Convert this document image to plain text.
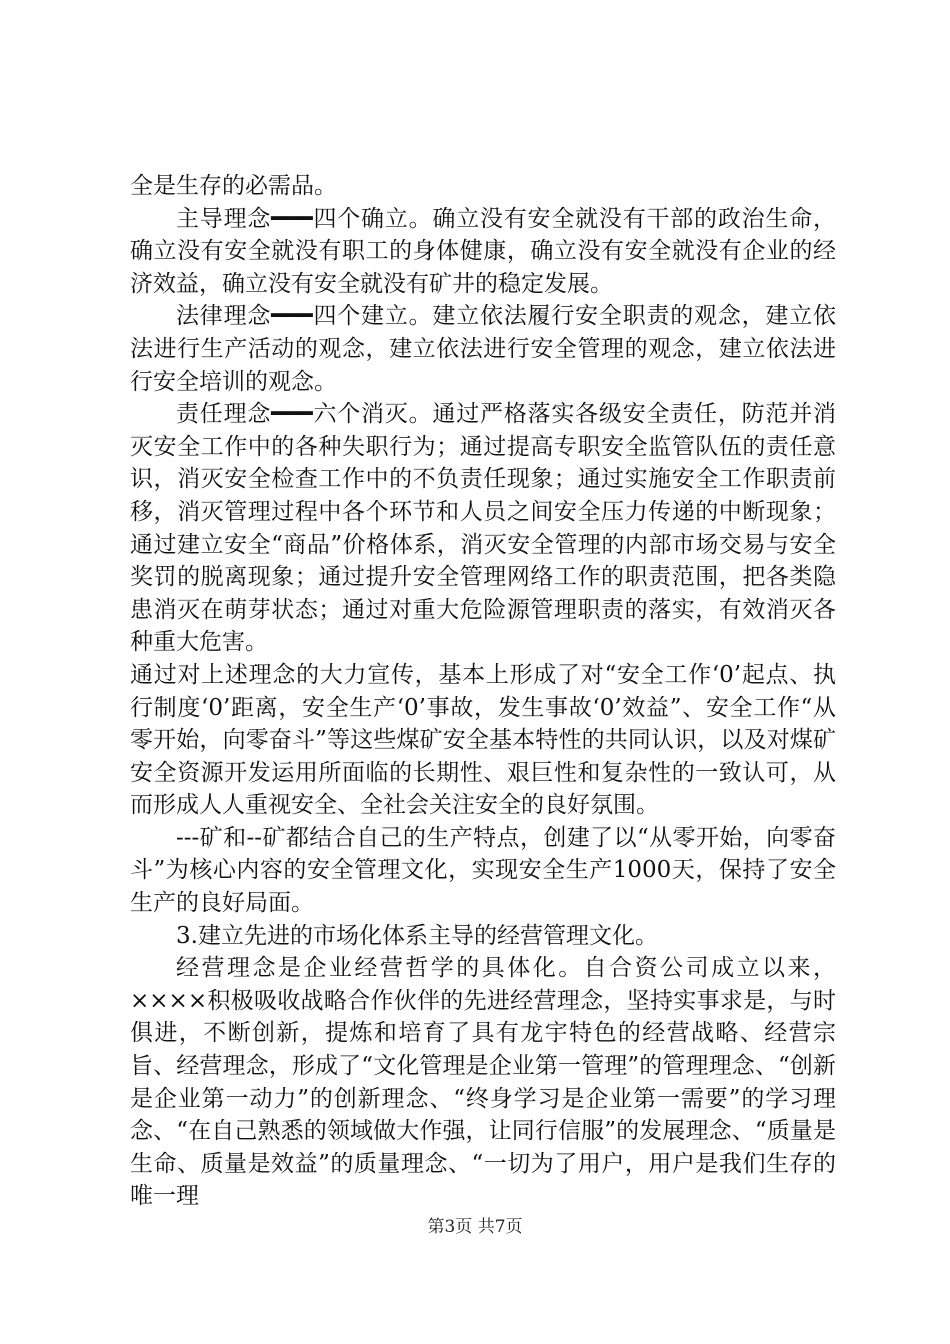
全是生存的必需品。

主导理念━━━四个确立。确立没有安全就没有干部的政治生命，确立没有安全就没有职工的身体健康，确立没有安全就没有企业的经济效益，确立没有安全就没有矿井的稳定发展。

法律理念━━━四个建立。建立依法履行安全职责的观念，建立依法进行生产活动的观念，建立依法进行安全管理的观念，建立依法进行安全培训的观念。

责任理念━━━六个消灭。通过严格落实各级安全责任，防范并消灭安全工作中的各种失职行为；通过提高专职安全监管队伍的责任意识，消灭安全检查工作中的不负责任现象；通过实施安全工作职责前移，消灭管理过程中各个环节和人员之间安全压力传递的中断现象；通过建立安全“商品”价格体系，消灭安全管理的内部市场交易与安全奖罚的脱离现象；通过提升安全管理网络工作的职责范围，把各类隐患消灭在萌芽状态；通过对重大危险源管理职责的落实，有效消灭各种重大危害。

通过对上述理念的大力宣传，基本上形成了对“安全工作‘0’起点、执行制度‘0’距离，安全生产‘0’事故，发生事故‘0’效益”、安全工作“从零开始，向零奋斗”等这些煤矿安全基本特性的共同认识，以及对煤矿安全资源开发运用所面临的长期性、艰巨性和复杂性的一致认可，从而形成人人重视安全、全社会关注安全的良好氛围。

---矿和--矿都结合自己的生产特点，创建了以“从零开始，向零奋斗”为核心内容的安全管理文化，实现安全生产1000天，保持了安全生产的良好局面。

3.建立先进的市场化体系主导的经营管理文化。

经营理念是企业经营哲学的具体化。自合资公司成立以来，××××积极吸收战略合作伙伴的先进经营理念，坚持实事求是，与时俱进，不断创新，提炼和培育了具有龙宇特色的经营战略、经营宗旨、经营理念，形成了“文化管理是企业第一管理”的管理理念、“创新是企业第一动力”的创新理念、“终身学习是企业第一需要”的学习理念、“在自己熟悉的领域做大作强，让同行信服”的发展理念、“质量是生命、质量是效益”的质量理念、“一切为了用户，用户是我们生存的唯一理

第3页 共7页
